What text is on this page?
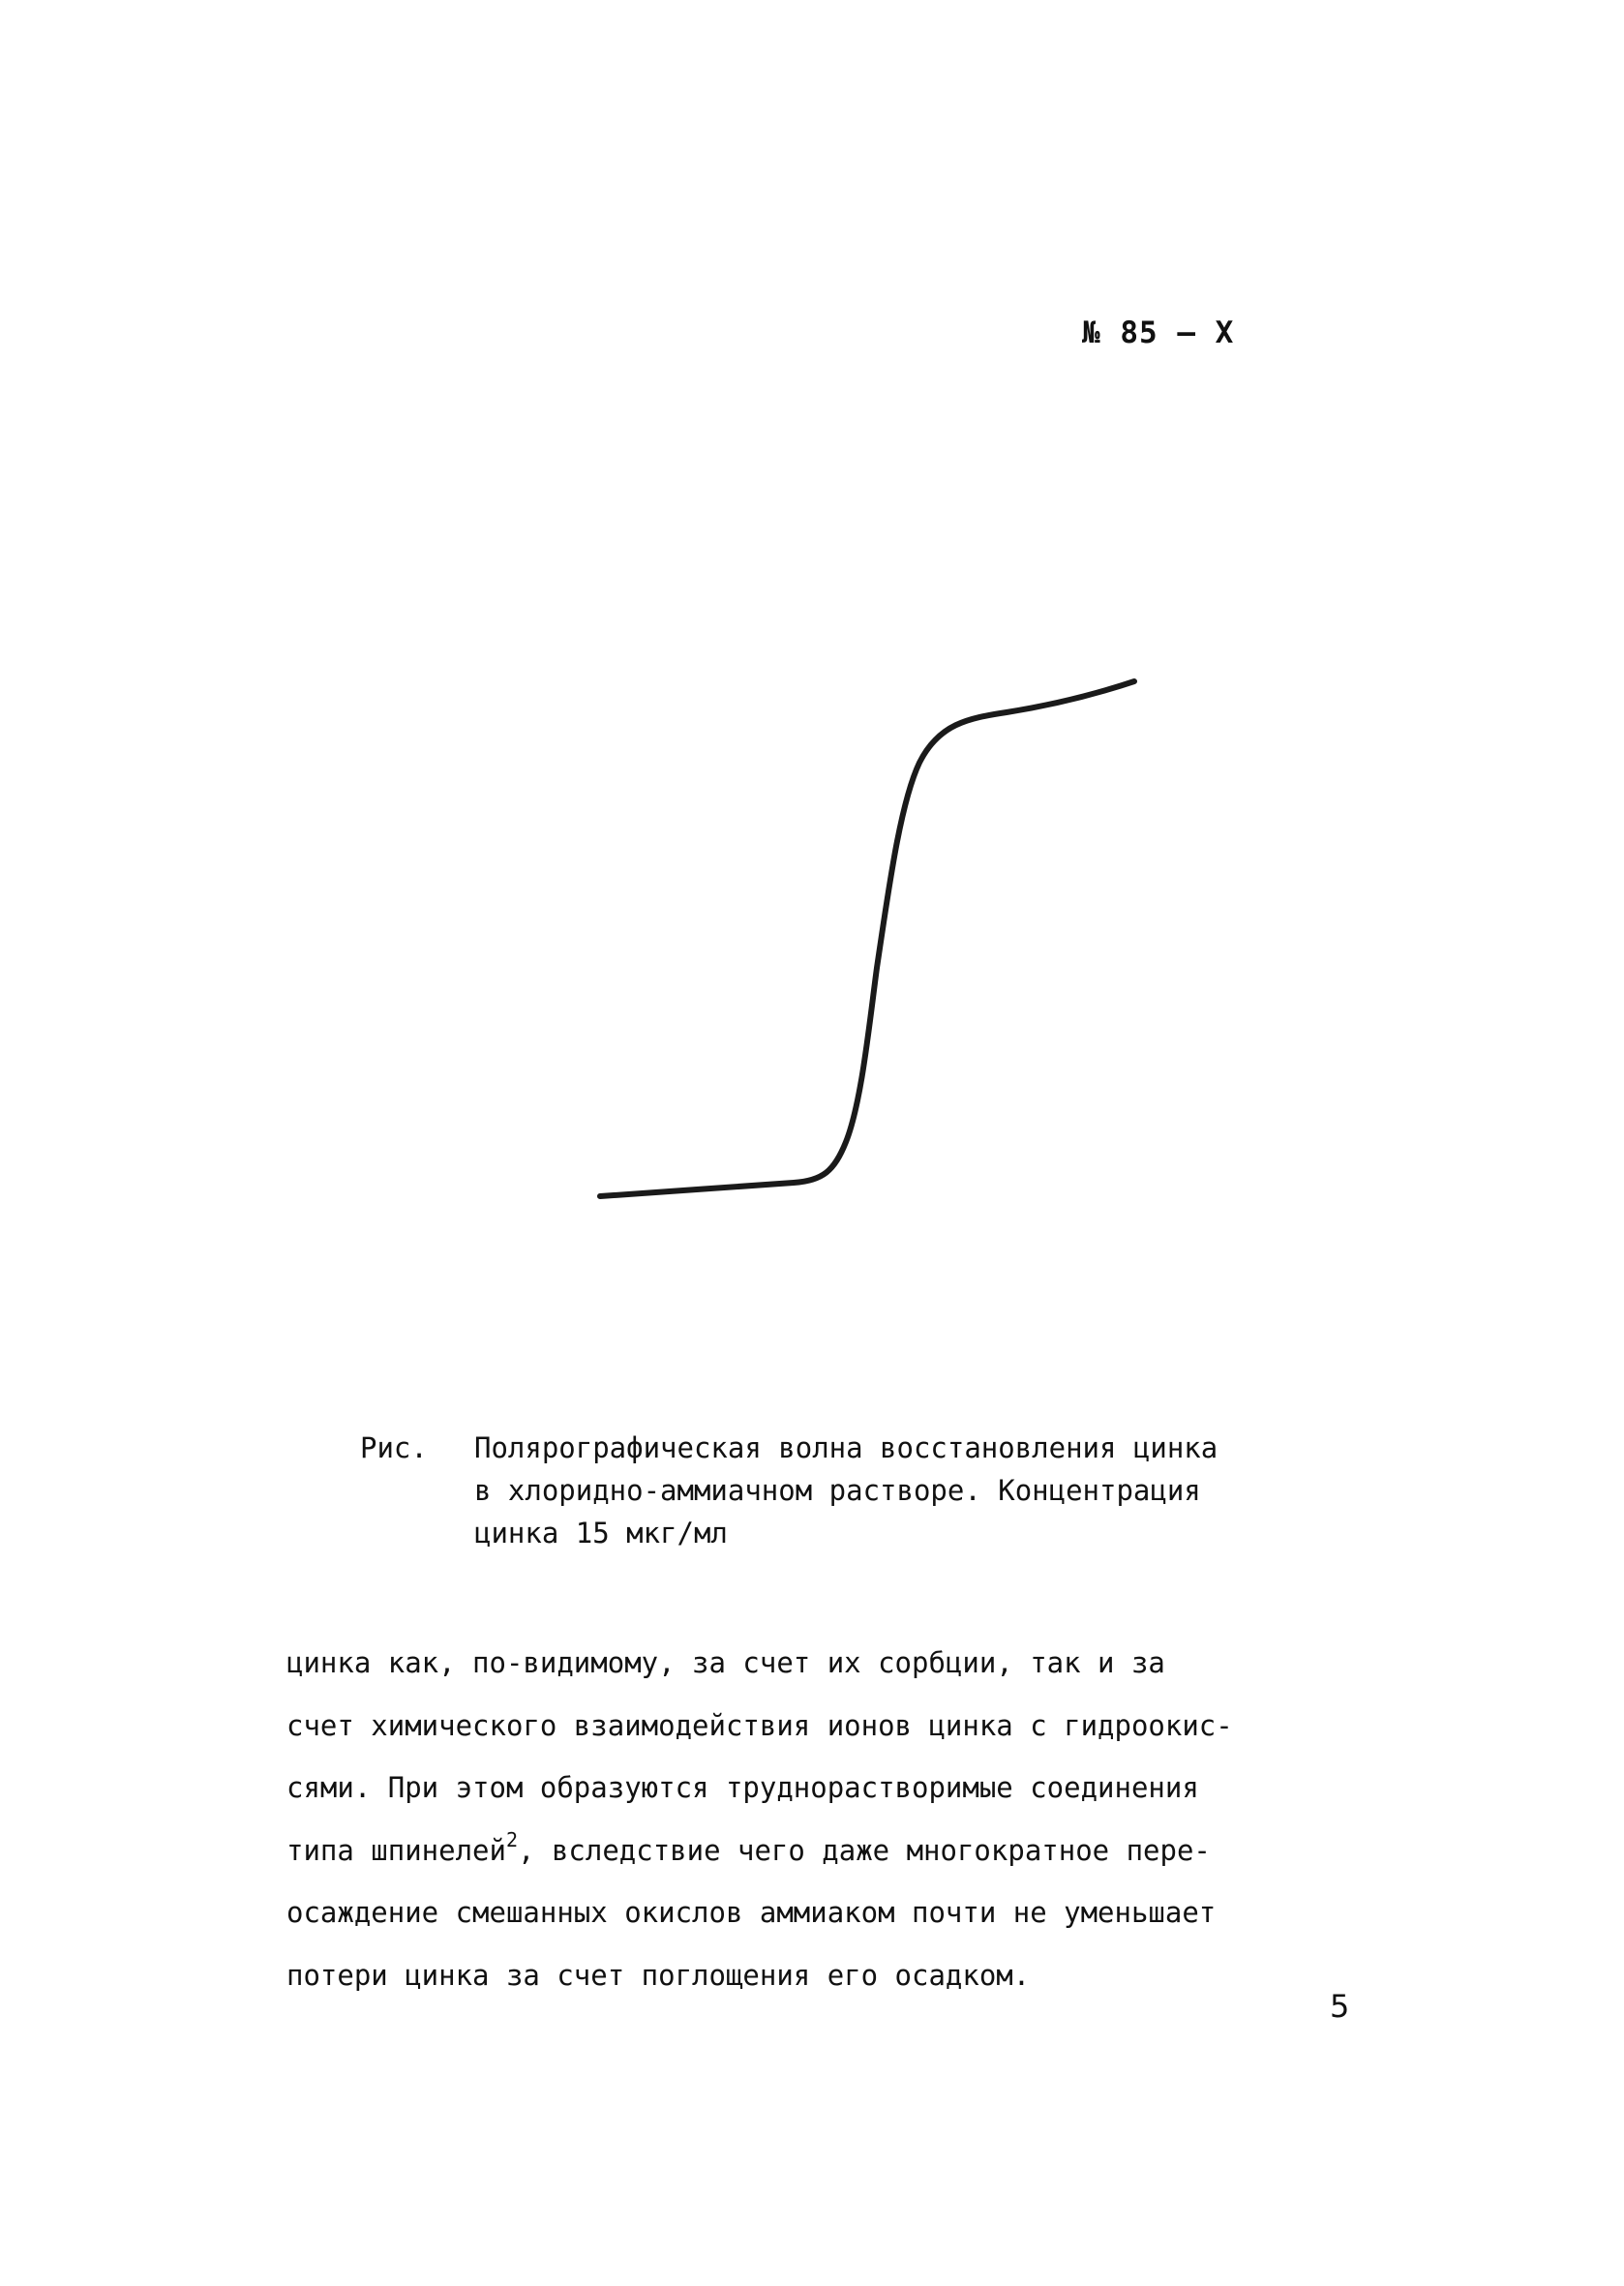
№ 85 – Х
Рис. Полярографическая волна восстановления цинка
в хлоридно-аммиачном растворе. Концентрация
цинка 15 мкг/мл
цинка как, по-видимому, за счет их сорбции, так и за
счет химического взаимодействия ионов цинка с гидроокис-
сями. При этом образуются труднорастворимые соединения
типа шпинелей$^2$, вследствие чего даже многократное пере-
осаждение смешанных окислов аммиаком почти не уменьшает
потери цинка за счет поглощения его осадком.
5
